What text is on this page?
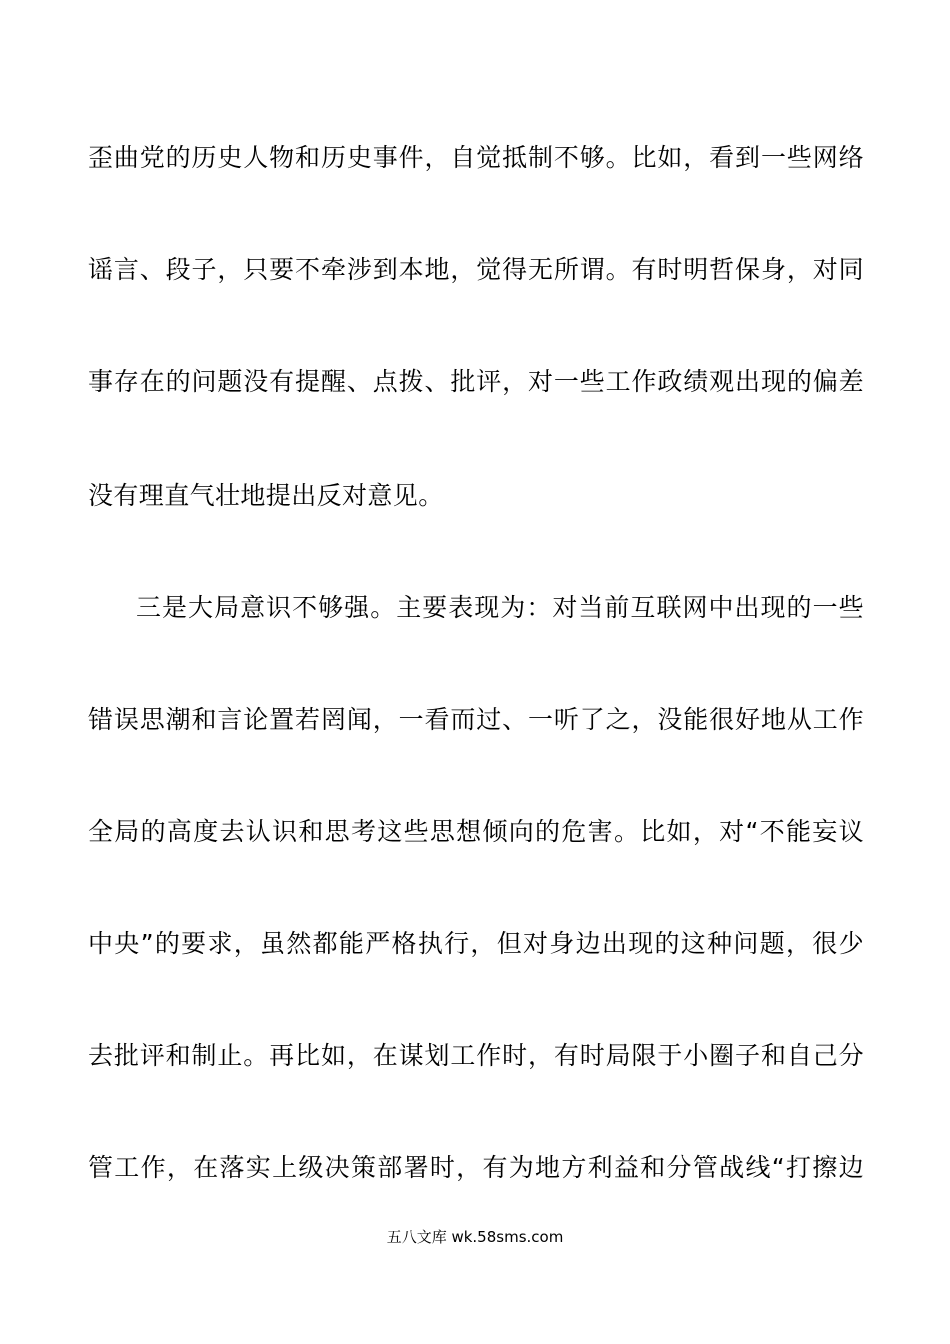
歪曲党的历史人物和历史事件，自觉抵制不够。比如，看到一些网络
谣言、段子，只要不牵涉到本地，觉得无所谓。有时明哲保身，对同
事存在的问题没有提醒、点拨、批评，对一些工作政绩观出现的偏差
没有理直气壮地提出反对意见。
三是大局意识不够强。主要表现为：对当前互联网中出现的一些
错误思潮和言论置若罔闻，一看而过、一听了之，没能很好地从工作
全局的高度去认识和思考这些思想倾向的危害。比如，对“不能妄议
中央”的要求，虽然都能严格执行，但对身边出现的这种问题，很少
去批评和制止。再比如，在谋划工作时，有时局限于小圈子和自己分
管工作，在落实上级决策部署时，有为地方利益和分管战线“打擦边
五八文库 wk.58sms.com
